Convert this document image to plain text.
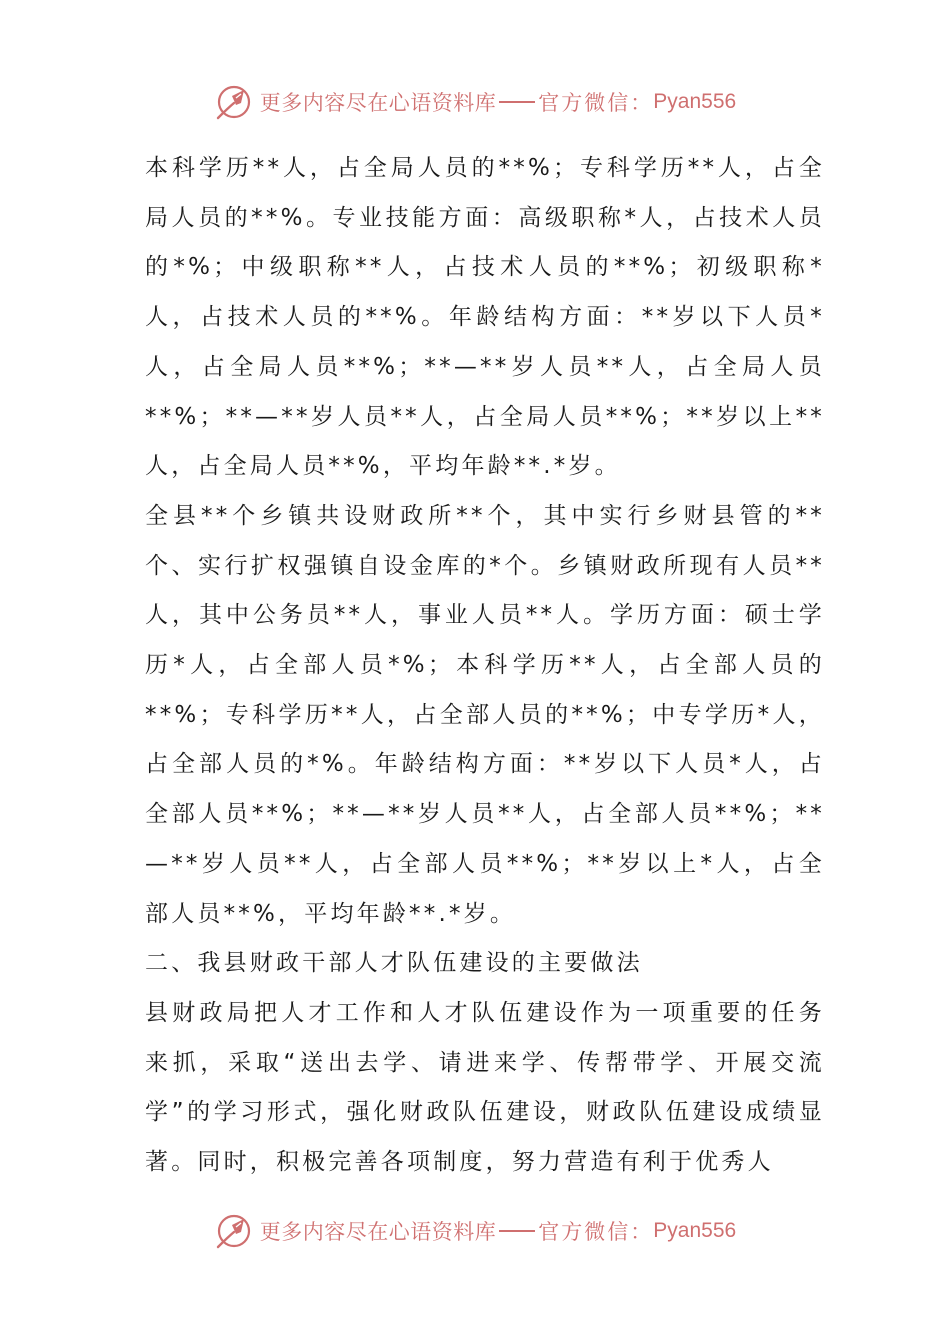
更多内容尽在心语资料库 官方微信： Pyan556

本科学历**人，占全局人员的**%；专科学历**人，占全局人员的**%。专业技能方面：高级职称*人，占技术人员的*%；中级职称**人，占技术人员的**%；初级职称*人，占技术人员的**%。年龄结构方面：**岁以下人员*人，占全局人员**%；**—**岁人员**人，占全局人员**%；**—**岁人员**人，占全局人员**%；**岁以上**人，占全局人员**%，平均年龄**.*岁。

全县**个乡镇共设财政所**个，其中实行乡财县管的**个、实行扩权强镇自设金库的*个。乡镇财政所现有人员**人，其中公务员**人，事业人员**人。学历方面：硕士学历*人，占全部人员*%；本科学历**人，占全部人员的**%；专科学历**人，占全部人员的**%；中专学历*人，占全部人员的*%。年龄结构方面：**岁以下人员*人，占全部人员**%；**—**岁人员**人，占全部人员**%；**—**岁人员**人，占全部人员**%；**岁以上*人，占全部人员**%，平均年龄**.*岁。

二、我县财政干部人才队伍建设的主要做法

县财政局把人才工作和人才队伍建设作为一项重要的任务来抓，采取“送出去学、请进来学、传帮带学、开展交流学”的学习形式，强化财政队伍建设，财政队伍建设成绩显著。同时，积极完善各项制度，努力营造有利于优秀人

更多内容尽在心语资料库 官方微信： Pyan556
